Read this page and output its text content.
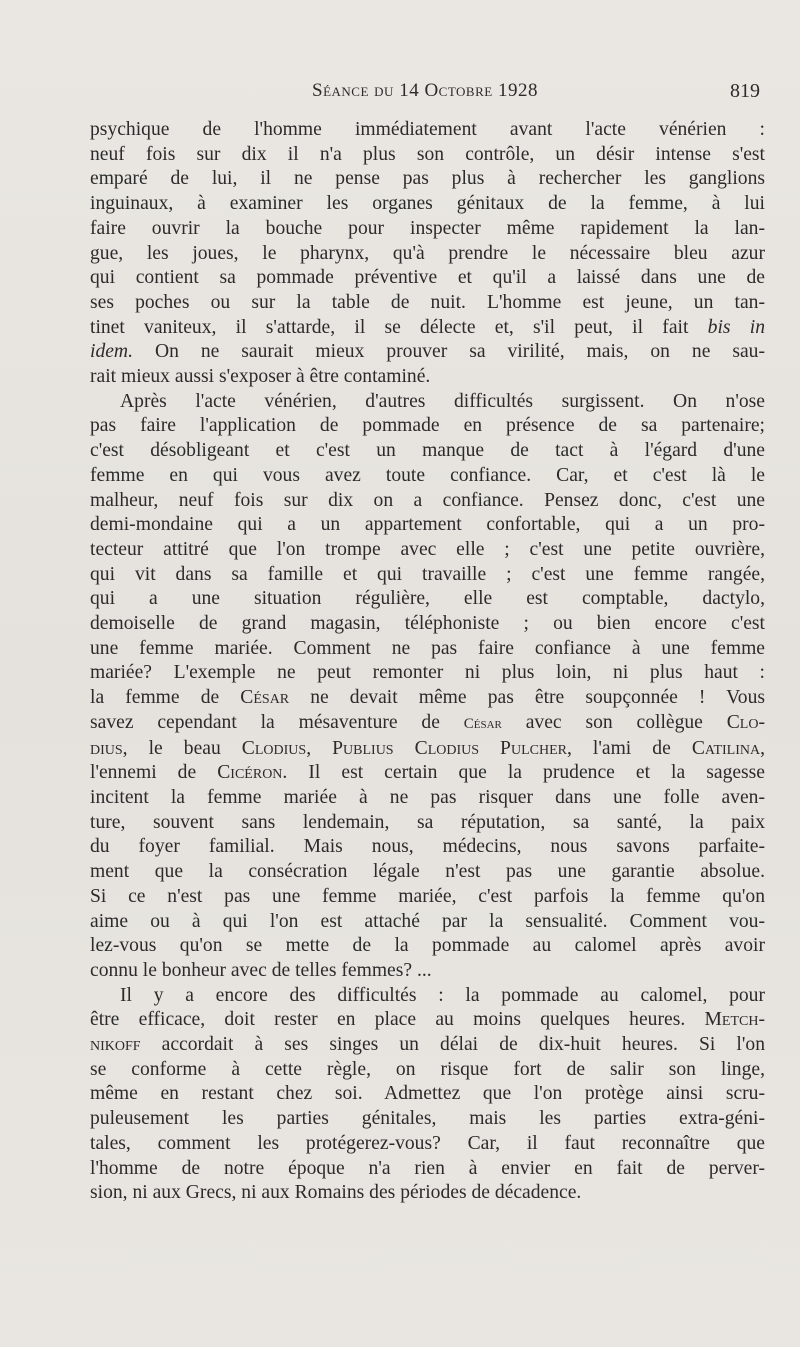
Séance du 14 Octobre 1928	819
psychique de l'homme immédiatement avant l'acte vénérien :
neuf fois sur dix il n'a plus son contrôle, un désir intense s'est
emparé de lui, il ne pense pas plus à rechercher les ganglions
inguinaux, à examiner les organes génitaux de la femme, à lui
faire ouvrir la bouche pour inspecter même rapidement la lan-
gue, les joues, le pharynx, qu'à prendre le nécessaire bleu azur
qui contient sa pommade préventive et qu'il a laissé dans une de
ses poches ou sur la table de nuit. L'homme est jeune, un tan-
tinet vaniteux, il s'attarde, il se délecte et, s'il peut, il fait bis in
idem. On ne saurait mieux prouver sa virilité, mais, on ne sau-
rait mieux aussi s'exposer à être contaminé.
Après l'acte vénérien, d'autres difficultés surgissent. On n'ose
pas faire l'application de pommade en présence de sa partenaire;
c'est désobligeant et c'est un manque de tact à l'égard d'une
femme en qui vous avez toute confiance. Car, et c'est là le
malheur, neuf fois sur dix on a confiance. Pensez donc, c'est une
demi-mondaine qui a un appartement confortable, qui a un pro-
tecteur attitré que l'on trompe avec elle ; c'est une petite ouvrière,
qui vit dans sa famille et qui travaille ; c'est une femme rangée,
qui a une situation régulière, elle est comptable, dactylo,
demoiselle de grand magasin, téléphoniste ; ou bien encore c'est
une femme mariée. Comment ne pas faire confiance à une femme
mariée? L'exemple ne peut remonter ni plus loin, ni plus haut :
la femme de César ne devait même pas être soupçonnée ! Vous
savez cependant la mésaventure de César avec son collègue Clo-
dius, le beau Clodius, Publius Clodius Pulcher, l'ami de Catilina,
l'ennemi de Cicéron. Il est certain que la prudence et la sagesse
incitent la femme mariée à ne pas risquer dans une folle aven-
ture, souvent sans lendemain, sa réputation, sa santé, la paix
du foyer familial. Mais nous, médecins, nous savons parfaite-
ment que la consécration légale n'est pas une garantie absolue.
Si ce n'est pas une femme mariée, c'est parfois la femme qu'on
aime ou à qui l'on est attaché par la sensualité. Comment vou-
lez-vous qu'on se mette de la pommade au calomel après avoir
connu le bonheur avec de telles femmes? ...
Il y a encore des difficultés : la pommade au calomel, pour
être efficace, doit rester en place au moins quelques heures. Metch-
nikoff accordait à ses singes un délai de dix-huit heures. Si l'on
se conforme à cette règle, on risque fort de salir son linge,
même en restant chez soi. Admettez que l'on protège ainsi scru-
puleusement les parties génitales, mais les parties extra-géni-
tales, comment les protégerez-vous? Car, il faut reconnaître que
l'homme de notre époque n'a rien à envier en fait de perver-
sion, ni aux Grecs, ni aux Romains des périodes de décadence.
